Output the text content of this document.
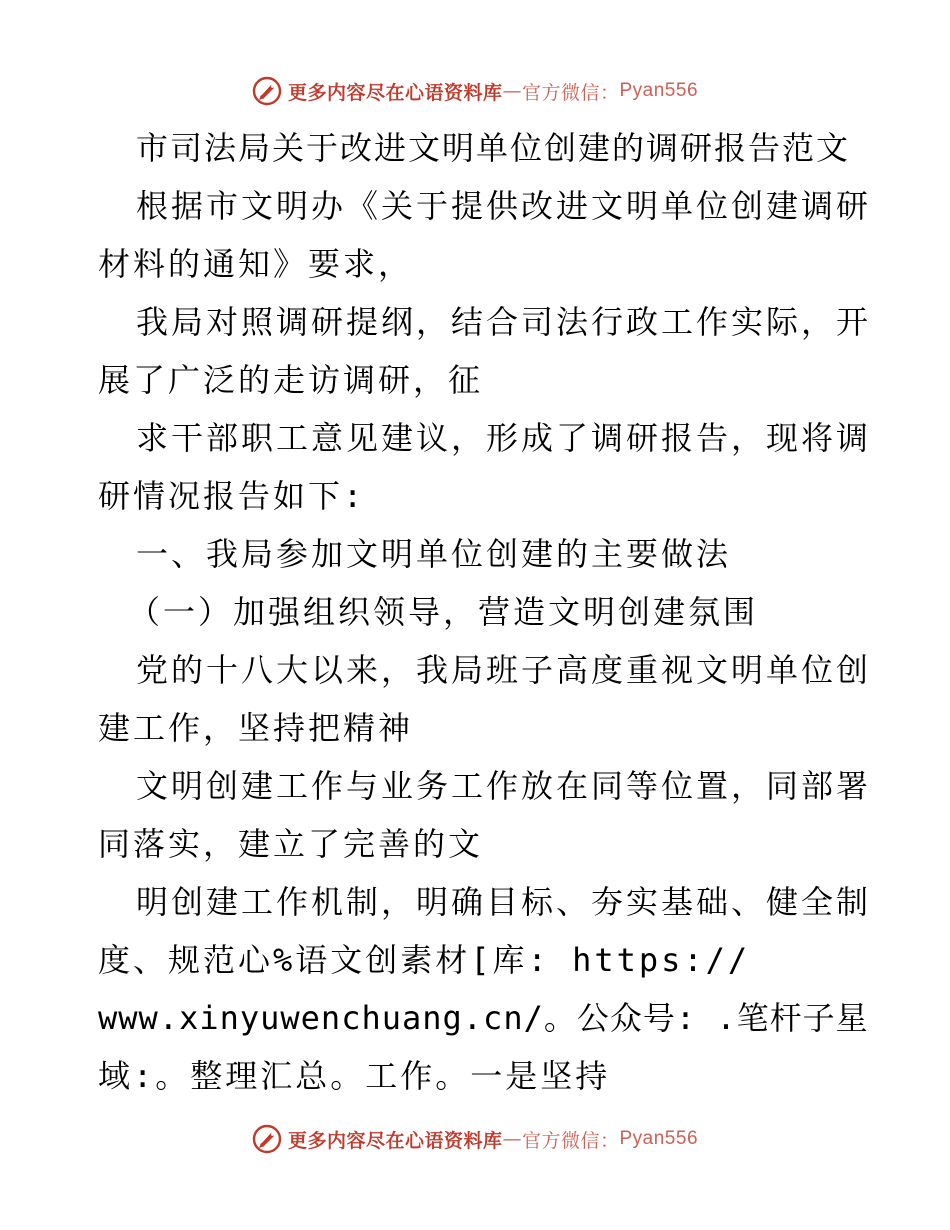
更多内容尽在心语资料库 — 官方微信： Pyan556
市司法局关于改进文明单位创建的调研报告范文
根据市文明办《关于提供改进文明单位创建调研
材料的通知》要求，
我局对照调研提纲，结合司法行政工作实际，开
展了广泛的走访调研，征
求干部职工意见建议，形成了调研报告，现将调
研情况报告如下:
一、我局参加文明单位创建的主要做法
（一）加强组织领导，营造文明创建氛围
党的十八大以来，我局班子高度重视文明单位创
建工作，坚持把精神
文明创建工作与业务工作放在同等位置，同部署
同落实，建立了完善的文
明创建工作机制，明确目标、夯实基础、健全制
度、规范心%语文创素材[库: https://
www.xinyuwenchuang.cn/。公众号: .笔杆子星
域:。整理汇总。工作。一是坚持
更多内容尽在心语资料库 — 官方微信： Pyan556
